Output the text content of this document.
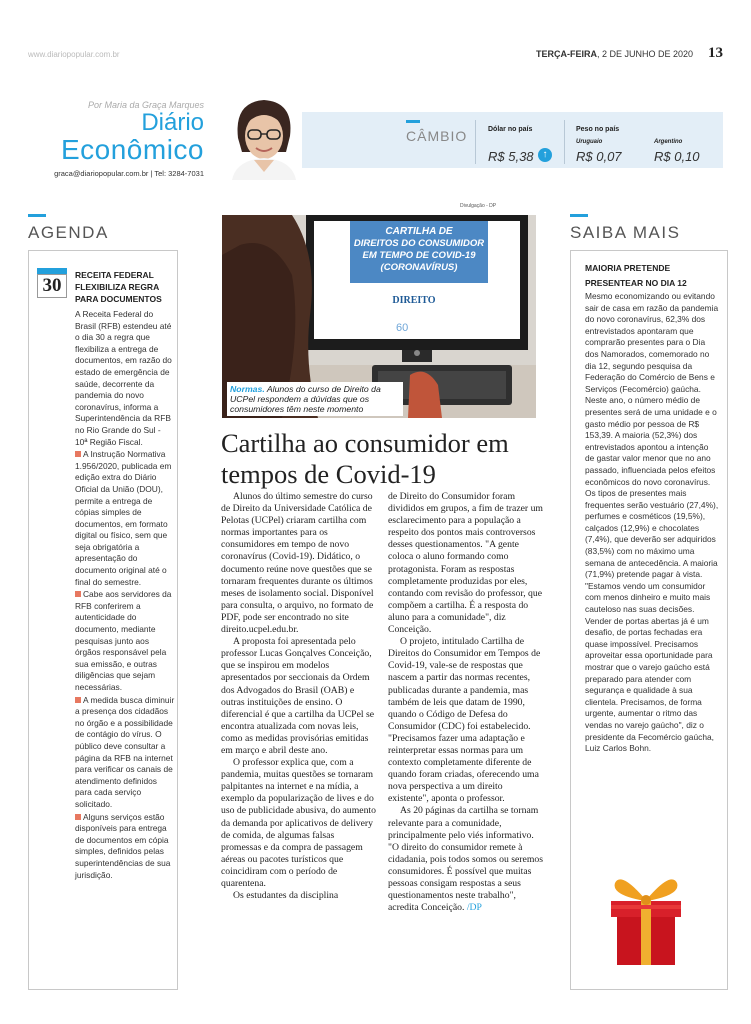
www.diariopopular.com.br	TERÇA-FEIRA, 2 DE JUNHO DE 2020 13
Por Maria da Graça Marques
Diário
Econômico
graca@diariopopular.com.br | Tel: 3284-7031
CÂMBIO	Dólar no país
R$ 5,38 ↑
Peso no país
Uruguaio
R$ 0,07
Argentino
R$ 0,10
AGENDA
30	RECEITA FEDERAL FLEXIBILIZA REGRA PARA DOCUMENTOS

A Receita Federal do Brasil (RFB) estendeu até o dia 30 a regra que flexibiliza a entrega de documentos, em razão do estado de emergência de saúde, decorrente da pandemia do novo coronavírus, informa a Superintendência da RFB no Rio Grande do Sul - 10ª Região Fiscal.

A Instrução Normativa 1.956/2020, publicada em edição extra do Diário Oficial da União (DOU), permite a entrega de cópias simples de documentos, em formato digital ou físico, sem que seja obrigatória a apresentação do documento original até o final do semestre.

Cabe aos servidores da RFB conferirem a autenticidade do documento, mediante pesquisas junto aos órgãos responsável pela sua emissão, e outras diligências que sejam necessárias.

A medida busca diminuir a presença dos cidadãos no órgão e a possibilidade de contágio do vírus. O público deve consultar a página da RFB na internet para verificar os canais de atendimento definidos para cada serviço solicitado.

Alguns serviços estão disponíveis para entrega de documentos em cópia simples, definidos pelas superintendências de sua jurisdição.

Divulgação - DP
CARTILHA DE
DIREITOS DO CONSUMIDOR
EM TEMPO DE COVID-19
(CORONAVÍRUS)
DIREITO
60
Normas. Alunos do curso de Direito da UCPel respondem a dúvidas que os consumidores têm neste momento
Cartilha ao consumidor em tempos de Covid-19

Alunos do último semestre do curso de Direito da Universidade Católica de Pelotas (UCPel) criaram cartilha com normas importantes para os consumidores em tempo de novo coronavírus (Covid-19). Didático, o documento reúne nove questões que se tornaram frequentes durante os últimos meses de isolamento social. Disponível para consulta, o arquivo, no formato de PDF, pode ser encontrado no site direito.ucpel.edu.br.

A proposta foi apresentada pelo professor Lucas Gonçalves Conceição, que se inspirou em modelos apresentados por seccionais da Ordem dos Advogados do Brasil (OAB) e outras instituições de ensino. O diferencial é que a cartilha da UCPel se encontra atualizada com novas leis, como as medidas provisórias emitidas em março e abril deste ano.

O professor explica que, com a pandemia, muitas questões se tornaram palpitantes na internet e na mídia, a exemplo da popularização de lives e do uso de publicidade abusiva, do aumento da demanda por aplicativos de delivery de comida, de algumas falsas promessas e da compra de passagem aéreas ou pacotes turísticos que coincidiram com o período de quarentena.

Os estudantes da disciplina

de Direito do Consumidor foram divididos em grupos, a fim de trazer um esclarecimento para a população a respeito dos pontos mais controversos desses questionamentos. "A gente coloca o aluno formando como protagonista. Foram as respostas completamente produzidas por eles, contando com revisão do professor, que compõem a cartilha. É a resposta do aluno para a comunidade", diz Conceição.

O projeto, intitulado Cartilha de Direitos do Consumidor em Tempos de Covid-19, vale-se de respostas que nascem a partir das normas recentes, publicadas durante a pandemia, mas também de leis que datam de 1990, quando o Código de Defesa do Consumidor (CDC) foi estabelecido. "Precisamos fazer uma adaptação e reinterpretar essas normas para um contexto completamente diferente de quando foram criadas, oferecendo uma nova perspectiva a um direito existente", aponta o professor.

As 20 páginas da cartilha se tornam relevante para a comunidade, principalmente pelo viés informativo. "O direito do consumidor remete à cidadania, pois todos somos ou seremos consumidores. É possível que muitas pessoas consigam respostas a seus questionamentos neste trabalho", acredita Conceição. /DP

SAIBA MAIS
MAIORIA PRETENDE PRESENTEAR NO DIA 12

Mesmo economizando ou evitando sair de casa em razão da pandemia do novo coronavírus, 62,3% dos entrevistados apontaram que comprarão presentes para o Dia dos Namorados, comemorado no dia 12, segundo pesquisa da Federação do Comércio de Bens e Serviços (Fecomércio) gaúcha. Neste ano, o número médio de presentes será de uma unidade e o gasto médio por pessoa de R$ 153,39. A maioria (52,3%) dos entrevistados apontou a intenção de gastar valor menor que no ano passado, influenciada pelos efeitos econômicos do novo coronavírus. Os tipos de presentes mais frequentes serão vestuário (27,4%), perfumes e cosméticos (19,5%), calçados (12,9%) e chocolates (7,4%), que deverão ser adquiridos (83,5%) com no máximo uma semana de antecedência. A maioria (71,9%) pretende pagar à vista.

"Estamos vendo um consumidor com menos dinheiro e muito mais cauteloso nas suas decisões. Vender de portas abertas já é um desafio, de portas fechadas era quase impossível. Precisamos aproveitar essa oportunidade para mostrar que o varejo gaúcho está preparado para atender com segurança e qualidade à sua clientela. Precisamos, de forma urgente, aumentar o ritmo das vendas no varejo gaúcho", diz o presidente da Fecomércio gaúcha, Luiz Carlos Bohn.
